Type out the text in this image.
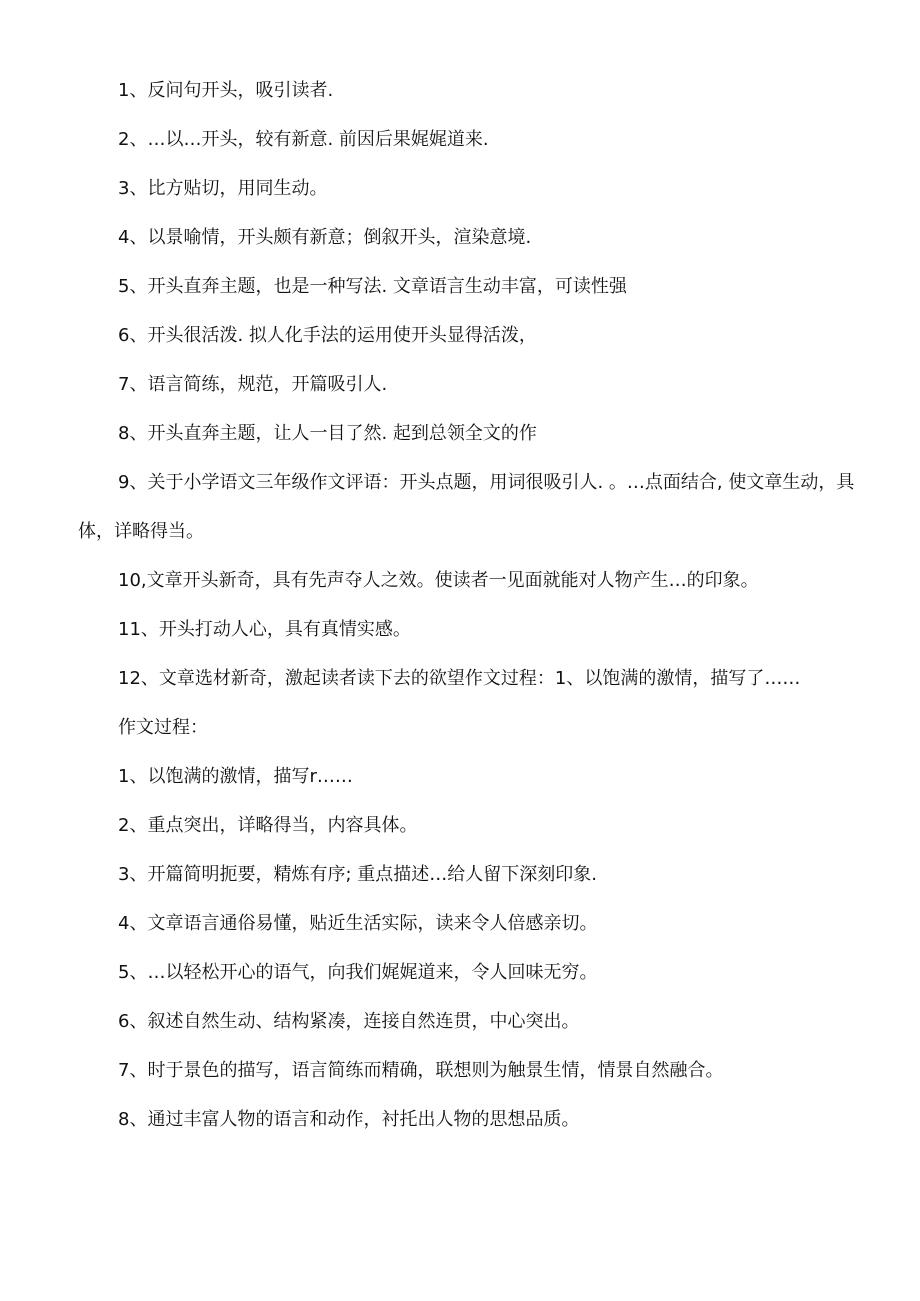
1、反问句开头，吸引读者.

2、…以…开头，较有新意. 前因后果娓娓道来.

3、比方贴切，用同生动。

4、以景喻情，开头颇有新意；倒叙开头，渲染意境.

5、开头直奔主题，也是一种写法. 文章语言生动丰富，可读性强

6、开头很活泼. 拟人化手法的运用使开头显得活泼，

7、语言简练，规范，开篇吸引人.

8、开头直奔主题，让人一目了然. 起到总领全文的作

9、关于小学语文三年级作文评语：开头点题，用词很吸引人. 。…点面结合, 使文章生动，具体，详略得当。

10,文章开头新奇，具有先声夺人之效。使读者一见面就能对人物产生…的印象。

11、开头打动人心，具有真情实感。

12、文章选材新奇，激起读者读下去的欲望作文过程：1、以饱满的激情，描写了……

作文过程：

1、以饱满的激情，描写r……

2、重点突出，详略得当，内容具体。

3、开篇简明扼要，精炼有序; 重点描述…给人留下深刻印象.

4、文章语言通俗易懂，贴近生活实际，读来令人倍感亲切。

5、…以轻松开心的语气，向我们娓娓道来，令人回味无穷。

6、叙述自然生动、结构紧凑，连接自然连贯，中心突出。

7、时于景色的描写，语言简练而精确，联想则为触景生情，情景自然融合。

8、通过丰富人物的语言和动作，衬托出人物的思想品质。
